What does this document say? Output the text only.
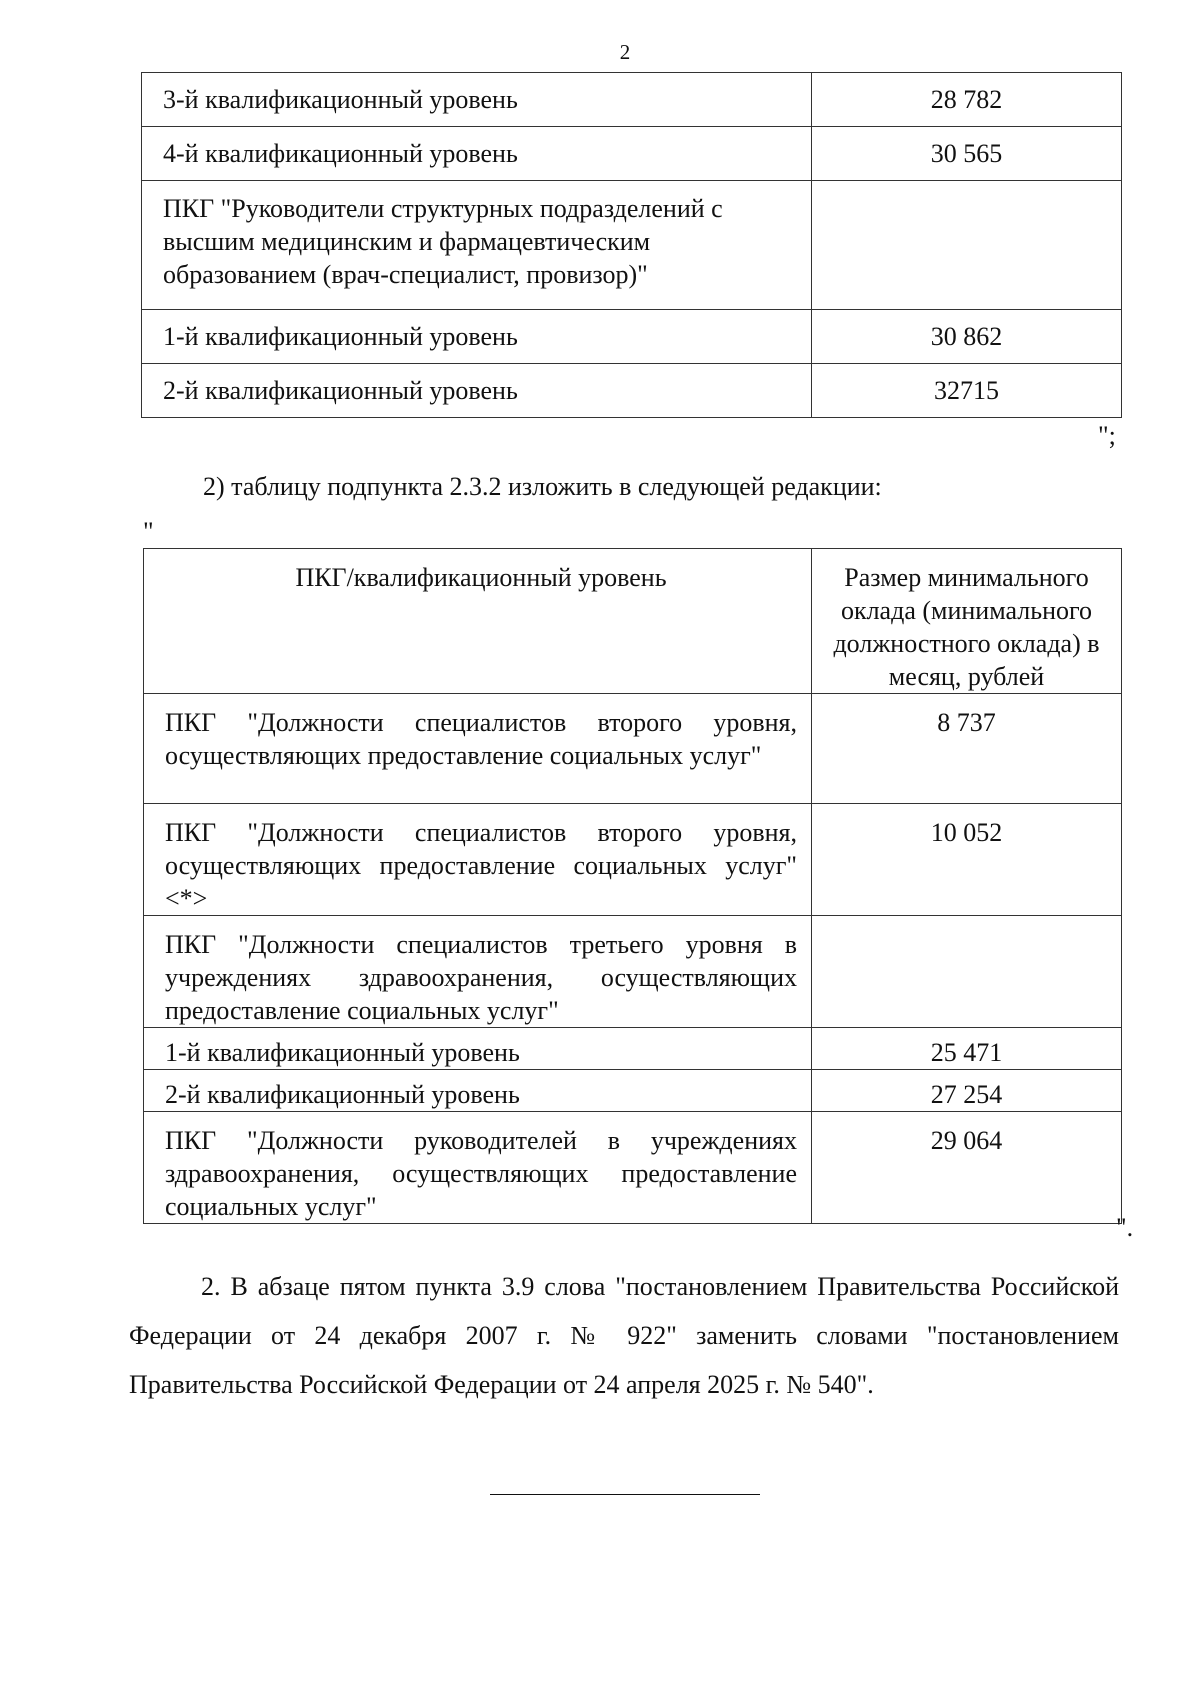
2
3-й квалификационный уровень	28 782
4-й квалификационный уровень	30 565
ПКГ "Руководители структурных подразделений с высшим медицинским и фармацевтическим образованием (врач-специалист, провизор)"	
1-й квалификационный уровень	30 862
2-й квалификационный уровень	32715
";
2) таблицу подпункта 2.3.2 изложить в следующей редакции:
"
ПКГ/квалификационный уровень	Размер минимального оклада (минимального должностного оклада) в месяц, рублей
ПКГ "Должности специалистов второго уровня, осуществляющих предоставление социальных услуг"	8 737
ПКГ "Должности специалистов второго уровня, осуществляющих предоставление социальных услуг" <*>	10 052
ПКГ "Должности специалистов третьего уровня в учреждениях здравоохранения, осуществляющих предоставление социальных услуг"	
1-й квалификационный уровень	25 471
2-й квалификационный уровень	27 254
ПКГ "Должности руководителей в учреждениях здравоохранения, осуществляющих предоставление социальных услуг"	29 064
".
2. В абзаце пятом пункта 3.9 слова "постановлением Правительства Российской Федерации от 24 декабря 2007 г. № 922" заменить словами "постановлением Правительства Российской Федерации от 24 апреля 2025 г. № 540".
